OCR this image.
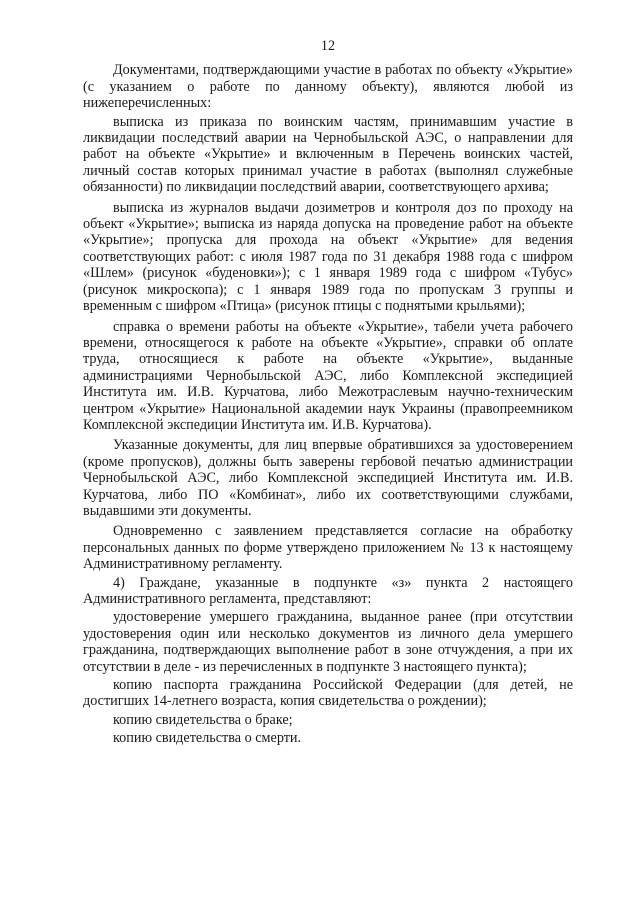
12

Документами, подтверждающими участие в работах по объекту «Укрытие» (с указанием о работе по данному объекту), являются любой из нижеперечисленных:

выписка из приказа по воинским частям, принимавшим участие в ликвидации последствий аварии на Чернобыльской АЭС, о направлении для работ на объекте «Укрытие» и включенным в Перечень воинских частей, личный состав которых принимал участие в работах (выполнял служебные обязанности) по ликвидации последствий аварии, соответствующего архива;

выписка из журналов выдачи дозиметров и контроля доз по проходу на объект «Укрытие»; выписка из наряда допуска на проведение работ на объекте «Укрытие»; пропуска для прохода на объект «Укрытие» для ведения соответствующих работ: с июля 1987 года по 31 декабря 1988 года с шифром «Шлем» (рисунок «буденовки»); с 1 января 1989 года с шифром «Тубус» (рисунок микроскопа); с 1 января 1989 года по пропускам 3 группы и временным с шифром «Птица» (рисунок птицы с поднятыми крыльями);

справка о времени работы на объекте «Укрытие», табели учета рабочего времени, относящегося к работе на объекте «Укрытие», справки об оплате труда, относящиеся к работе на объекте «Укрытие», выданные администрациями Чернобыльской АЭС, либо Комплексной экспедицией Института им. И.В. Курчатова, либо Межотраслевым научно-техническим центром «Укрытие» Национальной академии наук Украины (правопреемником Комплексной экспедиции Института им. И.В. Курчатова).

Указанные документы, для лиц впервые обратившихся за удостоверением (кроме пропусков), должны быть заверены гербовой печатью администрации Чернобыльской АЭС, либо Комплексной экспедицией Института им. И.В. Курчатова, либо ПО «Комбинат», либо их соответствующими службами, выдавшими эти документы.

Одновременно с заявлением представляется согласие на обработку персональных данных по форме утверждено приложением № 13 к настоящему Административному регламенту.

4) Граждане, указанные в подпункте «з» пункта 2 настоящего Административного регламента, представляют:

удостоверение умершего гражданина, выданное ранее (при отсутствии удостоверения один или несколько документов из личного дела умершего гражданина, подтверждающих выполнение работ в зоне отчуждения, а при их отсутствии в деле - из перечисленных в подпункте 3 настоящего пункта);

копию паспорта гражданина Российской Федерации (для детей, не достигших 14-летнего возраста, копия свидетельства о рождении);

копию свидетельства о браке;

копию свидетельства о смерти.
